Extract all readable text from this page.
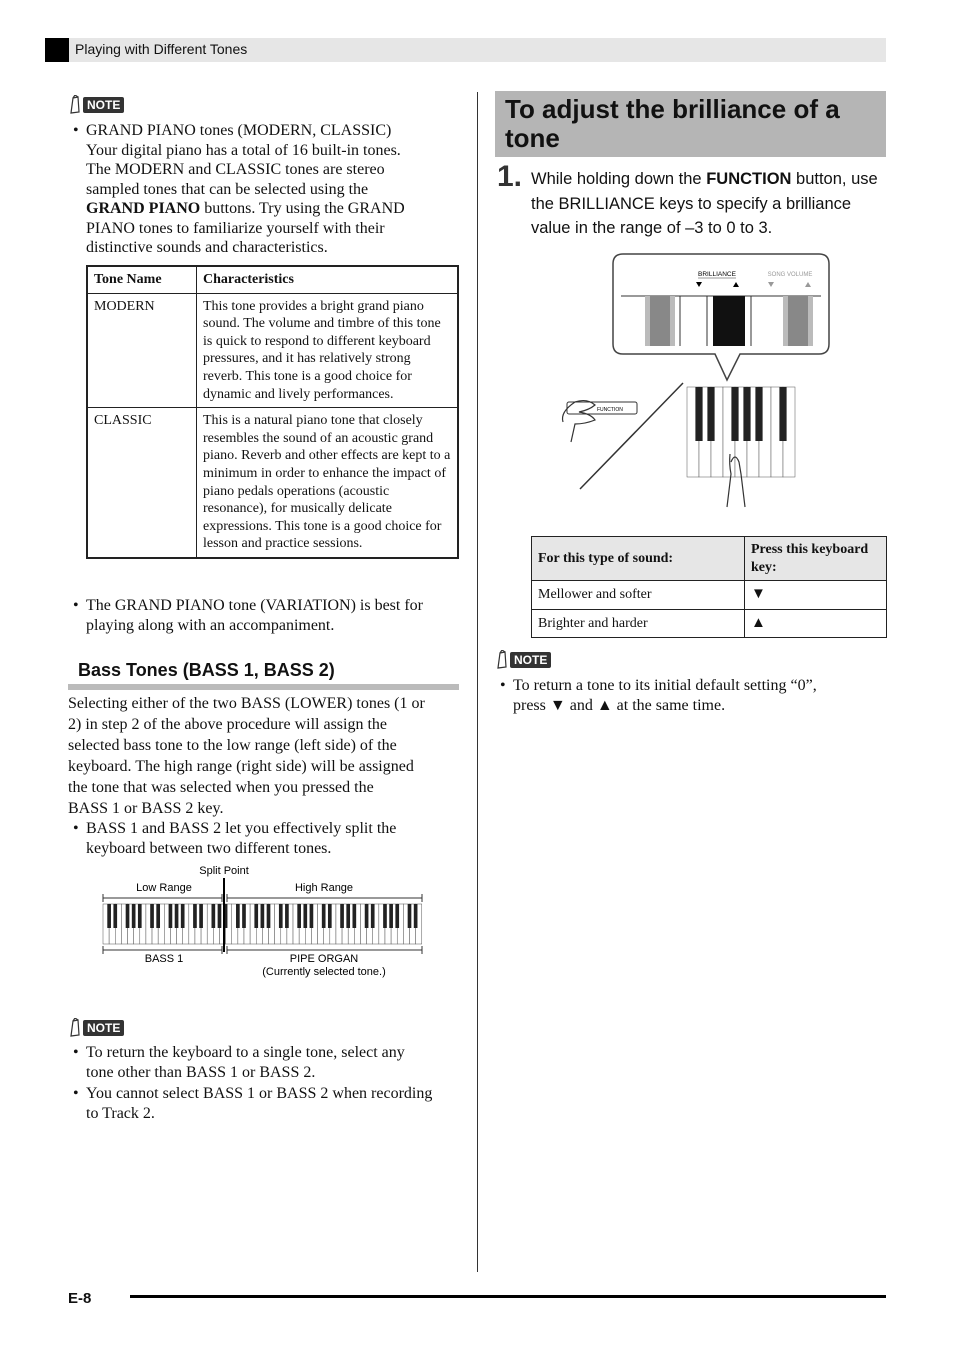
Playing with Different Tones
NOTE
• GRAND PIANO tones (MODERN, CLASSIC)
Your digital piano has a total of 16 built-in tones.
The MODERN and CLASSIC tones are stereo
sampled tones that can be selected using the
GRAND PIANO buttons. Try using the GRAND
PIANO tones to familiarize yourself with their
distinctive sounds and characteristics.
Tone Name	Characteristics
MODERN	This tone provides a bright grand piano sound. The volume and timbre of this tone is quick to respond to different keyboard pressures, and it has relatively strong reverb. This tone is a good choice for dynamic and lively performances.
CLASSIC	This is a natural piano tone that closely resembles the sound of an acoustic grand piano. Reverb and other effects are kept to a minimum in order to enhance the impact of piano pedals operations (acoustic resonance), for musically delicate expressions. This tone is a good choice for lesson and practice sessions.
• The GRAND PIANO tone (VARIATION) is best for
playing along with an accompaniment.
Bass Tones (BASS 1, BASS 2)
Selecting either of the two BASS (LOWER) tones (1 or
2) in step 2 of the above procedure will assign the
selected bass tone to the low range (left side) of the
keyboard. The high range (right side) will be assigned
the tone that was selected when you pressed the
BASS 1 or BASS 2 key.
• BASS 1 and BASS 2 let you effectively split the
keyboard between two different tones.
Split Point
Low Range	High Range
BASS 1	PIPE ORGAN
(Currently selected tone.)
NOTE
• To return the keyboard to a single tone, select any
tone other than BASS 1 or BASS 2.
• You cannot select BASS 1 or BASS 2 when recording
to Track 2.
To adjust the brilliance of a
tone
1. While holding down the FUNCTION button, use the BRILLIANCE keys to specify a brilliance value in the range of –3 to 0 to 3.
BRILLIANCE	SONG VOLUME
FUNCTION
For this type of sound:	Press this keyboard key:
Mellower and softer	▼
Brighter and harder	▲
NOTE
• To return a tone to its initial default setting “0”,
press ▼ and ▲ at the same time.
E-8
